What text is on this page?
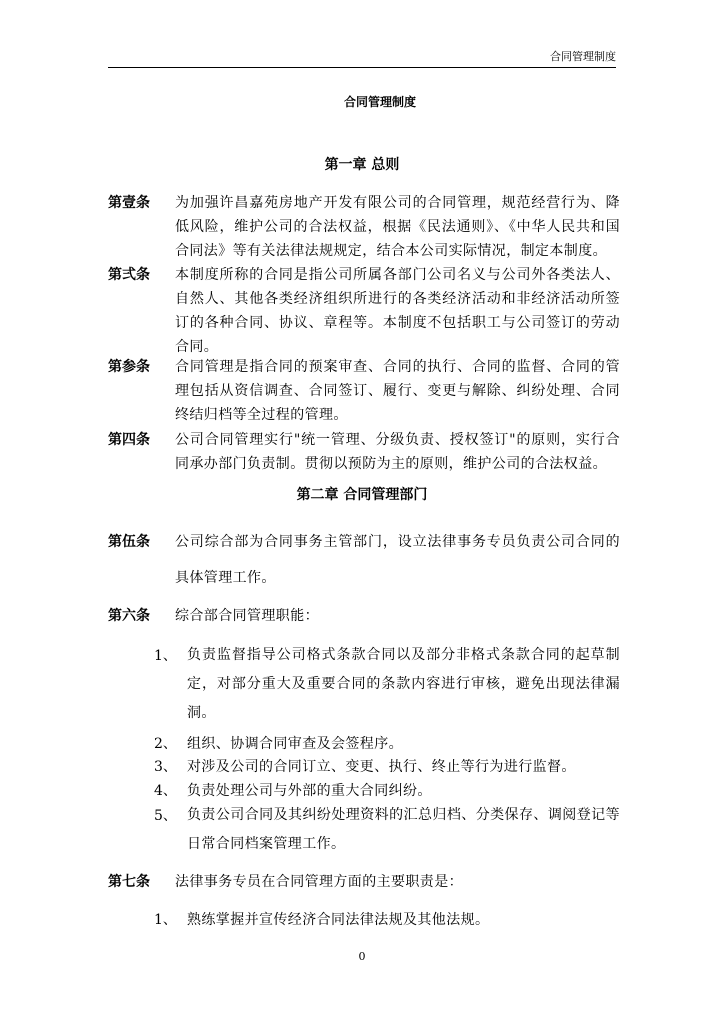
合同管理制度
合同管理制度
第一章 总则
第壹条 为加强许昌嘉苑房地产开发有限公司的合同管理，规范经营行为、降低风险，维护公司的合法权益，根据《民法通则》、《中华人民共和国合同法》等有关法律法规规定，结合本公司实际情况，制定本制度。
第弍条 本制度所称的合同是指公司所属各部门公司名义与公司外各类法人、自然人、其他各类经济组织所进行的各类经济活动和非经济活动所签订的各种合同、协议、章程等。本制度不包括职工与公司签订的劳动合同。
第参条 合同管理是指合同的预案审查、合同的执行、合同的监督、合同的管理包括从资信调查、合同签订、履行、变更与解除、纠纷处理、合同终结归档等全过程的管理。
第四条 公司合同管理实行"统一管理、分级负责、授权签订"的原则，实行合同承办部门负责制。贯彻以预防为主的原则，维护公司的合法权益。
第二章 合同管理部门
第伍条 公司综合部为合同事务主管部门，设立法律事务专员负责公司合同的具体管理工作。
第六条 综合部合同管理职能：
1、 负责监督指导公司格式条款合同以及部分非格式条款合同的起草制定，对部分重大及重要合同的条款内容进行审核，避免出现法律漏洞。
2、 组织、协调合同审查及会签程序。
3、 对涉及公司的合同订立、变更、执行、终止等行为进行监督。
4、 负责处理公司与外部的重大合同纠纷。
5、 负责公司合同及其纠纷处理资料的汇总归档、分类保存、调阅登记等日常合同档案管理工作。
第七条 法律事务专员在合同管理方面的主要职责是：
1、 熟练掌握并宣传经济合同法律法规及其他法规。
0
